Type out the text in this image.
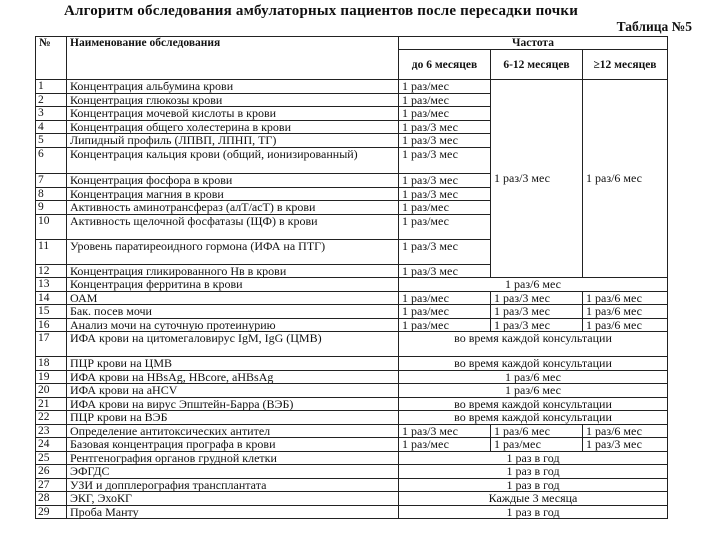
Алгоритм обследования амбулаторных пациентов после пересадки почки
Таблица №5
№	Наименование обследования	Частота		
		до 6 месяцев	6-12 месяцев	≥12 месяцев
1	Концентрация альбумина крови	1 раз/мес	1 раз/3 мес	1 раз/6 мес
2	Концентрация глюкозы крови	1 раз/мес		
3	Концентрация мочевой кислоты в крови	1 раз/мес		
4	Концентрация общего холестерина в крови	1 раз/3 мес		
5	Липидный профиль (ЛПВП, ЛПНП, ТГ)	1 раз/3 мес		
6	Концентрация кальция крови (общий, ионизированный)	1 раз/3 мес		
7	Концентрация фосфора в крови	1 раз/3 мес		
8	Концентрация магния в крови	1 раз/3 мес		
9	Активность аминотрансфераз (алТ/асТ) в крови	1 раз/мес		
10	Активность щелочной фосфатазы (ЩФ) в крови	1 раз/мес		
11	Уровень паратиреоидного гормона (ИФА на ПТГ)	1 раз/3 мес		
12	Концентрация гликированного Нв в крови	1 раз/3 мес		
13	Концентрация ферритина в крови	1 раз/6 мес		
14	ОАМ	1 раз/мес	1 раз/3 мес	1 раз/6 мес
15	Бак. посев мочи	1 раз/мес	1 раз/3 мес	1 раз/6 мес
16	Анализ мочи на суточную протеинурию	1 раз/мес	1 раз/3 мес	1 раз/6 мес
17	ИФА крови на цитомегаловирус IgM, IgG (ЦМВ)	во время каждой консультации		
18	ПЦР крови на ЦМВ	во время каждой консультации		
19	ИФА крови на HBsAg, HBcore, aHBsAg	1 раз/6 мес		
20	ИФА крови на aHCV	1 раз/6 мес		
21	ИФА крови на вирус Эпштейн-Барра (ВЭБ)	во время каждой консультации		
22	ПЦР крови на ВЭБ	во время каждой консультации		
23	Определение антитоксических антител	1 раз/3 мес	1 раз/6 мес	1 раз/6 мес
24	Базовая концентрация прографа в крови	1 раз/мес	1 раз/мес	1 раз/3 мес
25	Рентгенография органов грудной клетки	1 раз в год		
26	ЭФГДС	1 раз в год		
27	УЗИ и допплерография трансплантата	1 раз в год		
28	ЭКГ, ЭхоКГ	Каждые 3 месяца		
29	Проба Манту	1 раз в год		
